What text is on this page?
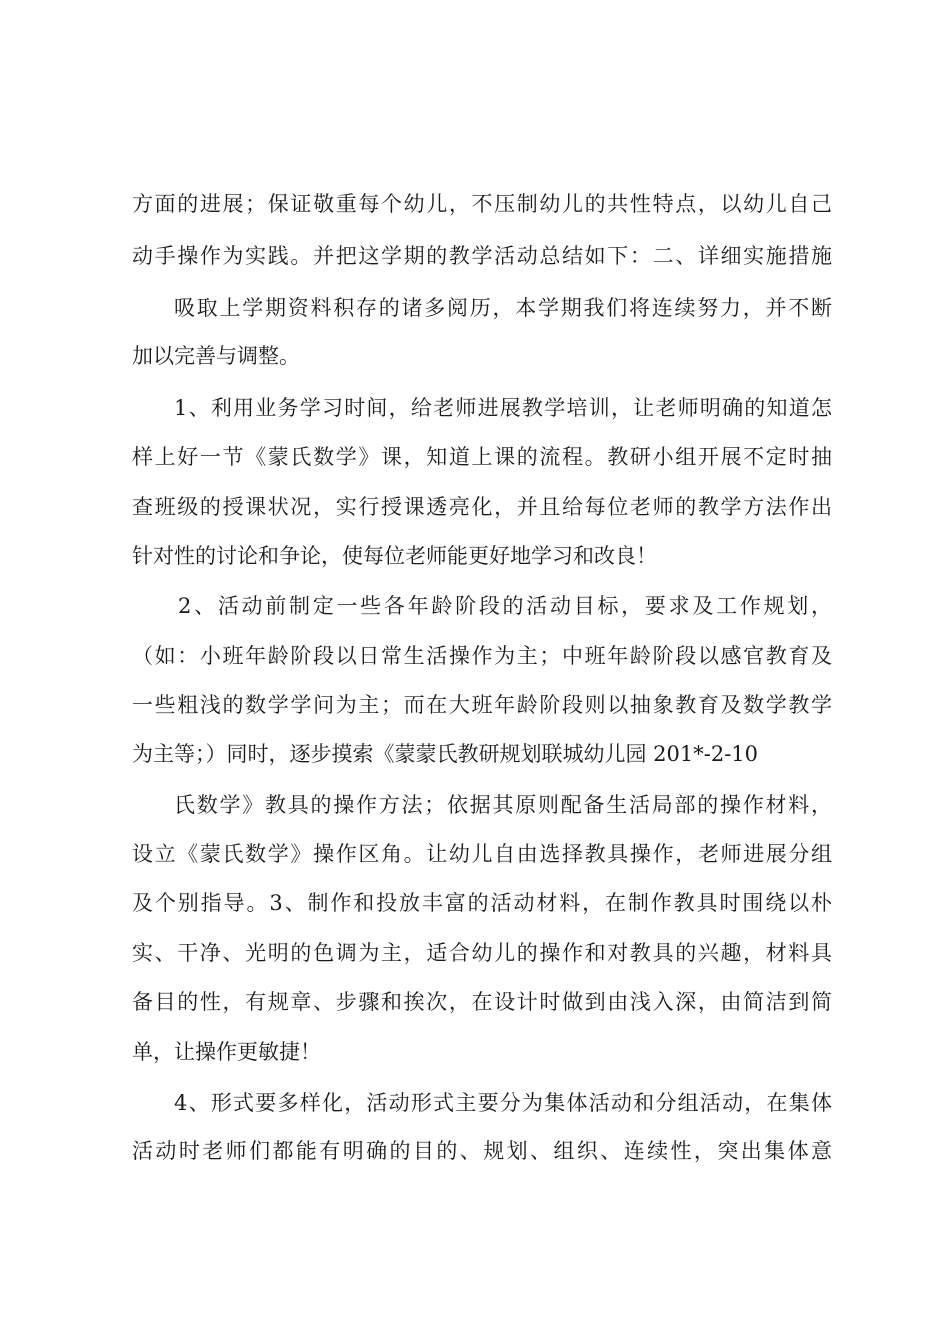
方面的进展；保证敬重每个幼儿，不压制幼儿的共性特点，以幼儿自己
动手操作为实践。并把这学期的教学活动总结如下：二、详细实施措施
吸取上学期资料积存的诸多阅历，本学期我们将连续努力，并不断
加以完善与调整。
1、利用业务学习时间，给老师进展教学培训，让老师明确的知道怎
样上好一节《蒙氏数学》课，知道上课的流程。教研小组开展不定时抽
查班级的授课状况，实行授课透亮化，并且给每位老师的教学方法作出
针对性的讨论和争论，使每位老师能更好地学习和改良！
2、活动前制定一些各年龄阶段的活动目标，要求及工作规划，
（如：小班年龄阶段以日常生活操作为主；中班年龄阶段以感官教育及
一些粗浅的数学学问为主；而在大班年龄阶段则以抽象教育及数学教学
为主等；）同时，逐步摸索《蒙蒙氏教研规划联城幼儿园 201*-2-10
氏数学》教具的操作方法；依据其原则配备生活局部的操作材料，
设立《蒙氏数学》操作区角。让幼儿自由选择教具操作，老师进展分组
及个别指导。3、制作和投放丰富的活动材料，在制作教具时围绕以朴
实、干净、光明的色调为主，适合幼儿的操作和对教具的兴趣，材料具
备目的性，有规章、步骤和挨次，在设计时做到由浅入深，由简洁到简
单，让操作更敏捷！
4、形式要多样化，活动形式主要分为集体活动和分组活动，在集体
活动时老师们都能有明确的目的、规划、组织、连续性，突出集体意
